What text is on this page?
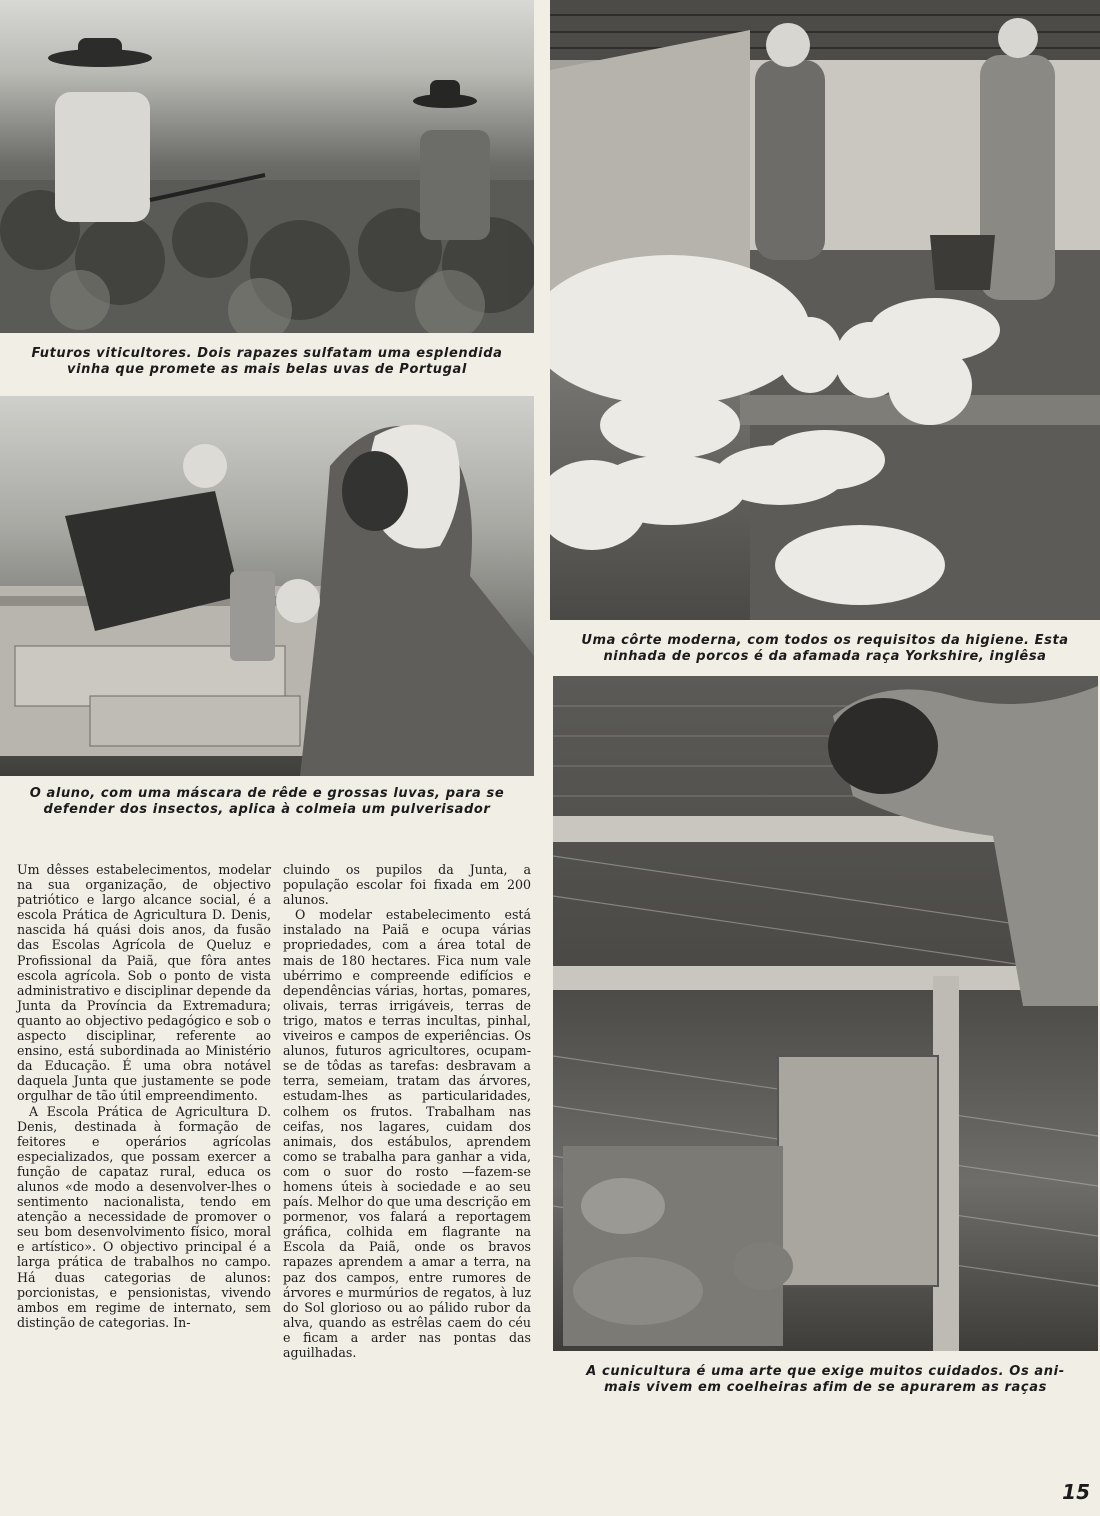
Futuros viticultores. Dois rapazes sulfatam uma esplendida
vinha que promete as mais belas uvas de Portugal
O aluno, com uma máscara de rêde e grossas luvas, para se
defender dos insectos, aplica à colmeia um pulverisador
Uma côrte moderna, com todos os requisitos da higiene. Esta
ninhada de porcos é da afamada raça Yorkshire, inglêsa
A cunicultura é uma arte que exige muitos cuidados. Os ani-
mais vivem em coelheiras afim de se apurarem as raças

Um dêsses estabelecimentos, modelar na sua organização, de objectivo patriótico e largo alcance social, é a escola Prática de Agricultura D. Denis, nascida há quási dois anos, da fusão das Escolas Agrícola de Queluz e Profissional da Paiã, que fôra antes escola agrícola. Sob o ponto de vista administrativo e disciplinar depende da Junta da Província da Extremadura; quanto ao objectivo pedagógico e sob o aspecto disciplinar, referente ao ensino, está subordinada ao Ministério da Educação. É uma obra notável daquela Junta que justamente se pode orgulhar de tão útil empreendimento.

A Escola Prática de Agricultura D. Denis, destinada à formação de feitores e operários agrícolas especializados, que possam exercer a função de capataz rural, educa os alunos «de modo a desenvolver-lhes o sentimento nacionalista, tendo em atenção a necessidade de promover o seu bom desenvolvimento físico, moral e artístico». O objectivo principal é a larga prática de trabalhos no campo. Há duas categorias de alunos: porcionistas, e pensionistas, vivendo ambos em regime de internato, sem distinção de categorias. In-

cluindo os pupilos da Junta, a população escolar foi fixada em 200 alunos.

O modelar estabelecimento está instalado na Paiã e ocupa várias propriedades, com a área total de mais de 180 hectares. Fica num vale ubérrimo e compreende edifícios e dependências várias, hortas, pomares, olivais, terras irrigáveis, terras de trigo, matos e terras incultas, pinhal, viveiros e campos de experiências. Os alunos, futuros agricultores, ocupam-se de tôdas as tarefas: desbravam a terra, semeiam, tratam das árvores, estudam-lhes as particularidades, colhem os frutos. Trabalham nas ceifas, nos lagares, cuidam dos animais, dos estábulos, aprendem como se trabalha para ganhar a vida, com o suor do rosto —fazem-se homens úteis à sociedade e ao seu país. Melhor do que uma descrição em pormenor, vos falará a reportagem gráfica, colhida em flagrante na Escola da Paiã, onde os bravos rapazes aprendem a amar a terra, na paz dos campos, entre rumores de árvores e murmúrios de regatos, à luz do Sol glorioso ou ao pálido rubor da alva, quando as estrêlas caem do céu e ficam a arder nas pontas das aguilhadas.

15
